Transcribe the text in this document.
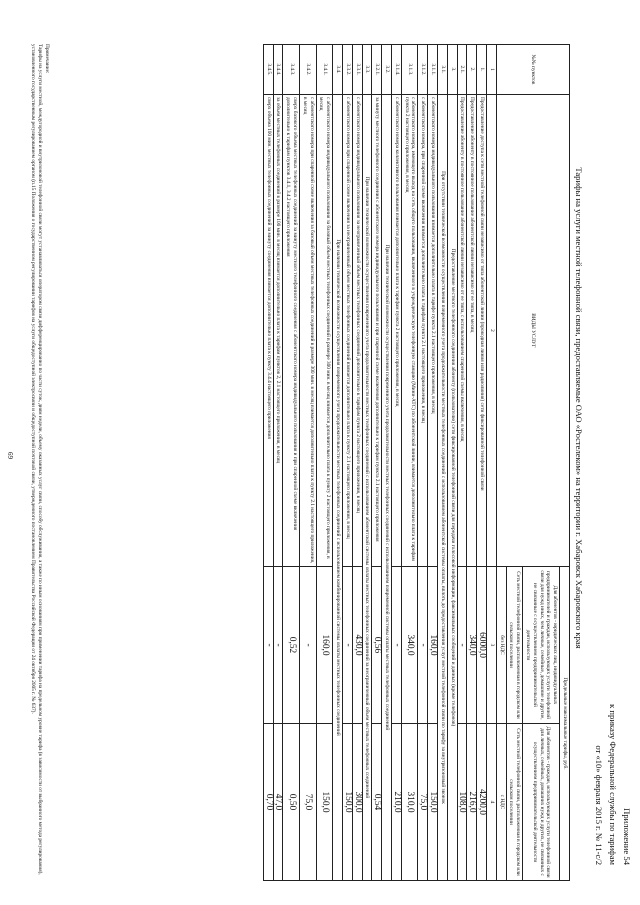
Приложение 54
к приказу Федеральной службы по тарифам
от «10» февраля 2015 г. № 11-с/2
Тарифы на услуги местной телефонной связи, предоставляемые ОАО «Ростелеком» на территории г. Хабаровск Хабаровского края
№№ пунктов	ВИДЫ УСЛУГ	Предельные максимальные тарифы, руб.	
		Для абонентов - юридических лиц, индивидуальных предпринимателей и граждан, использующих услуги телефонной связи для нужд иных, чем личные, семейные, домашние и другие, не связанные с осуществлением предпринимательской деятельности	Для абонентов - граждан, использующих услуги телефонной связи для личных, семейных, домашних нужд и других, не связанных с осуществлением предпринимательской деятельности
		Сеть местной телефонной связи, расположенная в городском или сельском поселении	Сеть местной телефонной связи, расположенная в городском или сельском поселении
		без НДС	с НДС
1	2	3	4
1.	Предоставление доступа к сети местной телефонной связи независимо от типа абонентской линии (проводная линия или радиолиния) сети фиксированной телефонной связи	6000,0	4200,0
2.	Предоставление абоненту в постоянное пользование абонентской линии независимо от ее типа, в месяц	340,0	216,0
2.1.	Предоставление абоненту в постоянное пользование абонентской линии независимо от ее типа, с использованием спаренной схемы включения, в месяц	-	108,0
3.	Предоставление местного телефонного соединения абоненту (пользователю) сети фиксированной телефонной связи для передачи голосовой информации, факсимильных сообщений и данных (кроме телефонов)		
3.1.	При отсутствии технической возможности осуществления повременного учета продолжительности местных телефонных соединений с использованием абонентской системы оплаты, вплоть до предоставления услуг местной телефонной связи по тарифу за внутризоновый звонок		
3.1.1.	с абонентского номера индивидуального пользования взимается дополнительно плата в тарифе пункта 2.1 настоящего приложения, в месяц	160,0	150,0
3.1.2.	с абонентского номера, при спаренной схеме включения взимается дополнительно плата к тарифам пункта 2.1 настоящего приложения, в месяц	-	75,0
3.1.3.	с абонентского номера, имеющего выход на сеть общего пользования, включенного в учрежденческую телефонную станцию (Мини-АТС) по абонентской линии, взимается дополнительно плата к тарифам пункта 2 настоящего приложения, в месяц	340,0	310,0
3.1.4.	с абонентского номера коллективного пользования взимается дополнительно плата к тарифам пункта 2 настоящего приложения, в месяц	-	210,0
3.2.	При наличии технической возможности осуществления повременного учета продолжительности местных телефонных соединений с использованием повременной системы оплаты местных телефонных соединений		
3.2.1.	за минуту местного телефонного соединения с абонентского номера индивидуального пользования и при спаренной схеме включения дополнительно к тарифам пункта 2.1 настоящего приложения	0,56	0,54
3.3.	При наличии технической возможности осуществления повременного учета продолжительности местных телефонных соединений с использованием абонентской системы оплаты местных телефонных соединений за неограниченный объем местных телефонных соединений		
3.3.1.	с абонентского номера индивидуального пользования за неограниченный объем местных телефонных соединений дополнительно к тарифам пункта 2 настоящего приложения, в месяц	430,0	300,0
3.3.2.	с абонентского номера при спаренной схеме включения за неограниченный объем местных телефонных соединений взимается дополнительно плата к пункту 2.1 настоящего приложения, в месяц	-	150,0
3.4.	При наличии технической возможности осуществления повременного учета продолжительности местных телефонных соединений с использованием комбинированной системы оплаты местных телефонных соединений		
3.4.1.	с абонентского номера индивидуального пользования за базовый объем местных телефонных соединений в размере 300 мин. в месяц взимается дополнительно плата к пункту 2 настоящего приложения, в месяц	160,0	150,0
3.4.2.	с абонентского номера при спаренной схеме включения за базовый объем местных телефонных соединений в размере 300 мин. в месяц взимается дополнительно плата к пункту 2.1 настоящего приложения, в месяц	-	75,0
3.4.3.	сверх базового объема местных телефонных соединений за минуту местного телефонного соединения с абонентского номера индивидуального пользования и при спаренной схеме включения дополнительно к тарифам пунктов 3.4.1, 3.4.2 настоящего приложения	0,52	0,50
3.4.4.	за объем местных телефонных соединений в размере 100 мин. в месяц взимается дополнительно плата к тарифам пунктов 2, 2.1 настоящего приложения, в месяц	-	47,0
3.4.5.	сверх объема 100 мин. местных телефонных соединений за минуту соединения взимается дополнительно плата к пункту 3.4.4 настоящего приложения	-	0,70
Примечание:
Тарифы на услуги местной, междугородной и внутризоновой телефонной связи могут устанавливаться оператором связи дифференцированно по части суток, дням недели, объему оказанных услуг связи, способу обслуживания, а также по иным основаниям при применении тарифа на предельном уровне тарифа (в зависимости от выбранного метода регулирования), установленного государственным регулированием органом (п.15 Положения о государственном регулировании тарифов на услуги общедоступной электросвязи и общедоступной почтовой связи, утвержденного постановлением Правительства Российской Федерации от 24 октября 2005 г. № 637).
69
